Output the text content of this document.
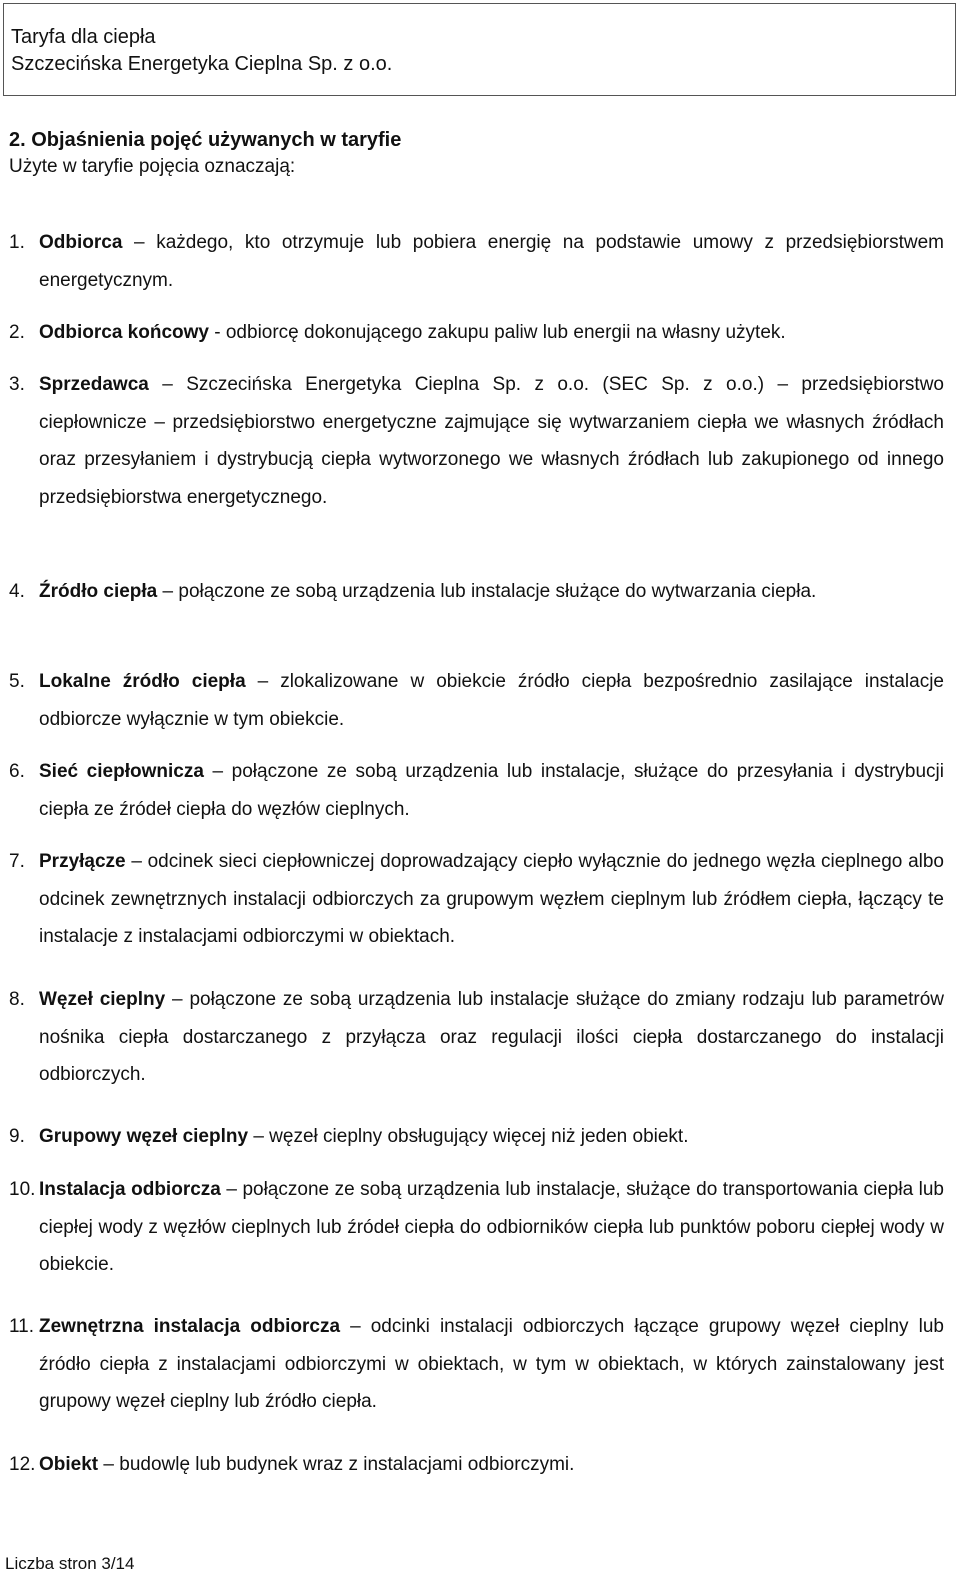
Taryfa dla ciepła
Szczecińska Energetyka Cieplna Sp. z o.o.
2. Objaśnienia pojęć używanych w taryfie
Użyte w taryfie pojęcia oznaczają:
1. Odbiorca – każdego, kto otrzymuje lub pobiera energię na podstawie umowy z przedsiębiorstwem energetycznym.
2. Odbiorca końcowy - odbiorcę dokonującego zakupu paliw lub energii na własny użytek.
3. Sprzedawca – Szczecińska Energetyka Cieplna Sp. z o.o. (SEC Sp. z o.o.) – przedsiębiorstwo ciepłownicze – przedsiębiorstwo energetyczne zajmujące się wytwarzaniem ciepła we własnych źródłach oraz przesyłaniem i dystrybucją ciepła wytworzonego we własnych źródłach lub zakupionego od innego przedsiębiorstwa energetycznego.
4. Źródło ciepła – połączone ze sobą urządzenia lub instalacje służące do wytwarzania ciepła.
5. Lokalne źródło ciepła – zlokalizowane w obiekcie źródło ciepła bezpośrednio zasilające instalacje odbiorcze wyłącznie w tym obiekcie.
6. Sieć ciepłownicza – połączone ze sobą urządzenia lub instalacje, służące do przesyłania i dystrybucji ciepła ze źródeł ciepła do węzłów cieplnych.
7. Przyłącze – odcinek sieci ciepłowniczej doprowadzający ciepło wyłącznie do jednego węzła cieplnego albo odcinek zewnętrznych instalacji odbiorczych za grupowym węzłem cieplnym lub źródłem ciepła, łączący te instalacje z instalacjami odbiorczymi w obiektach.
8. Węzeł cieplny – połączone ze sobą urządzenia lub instalacje służące do zmiany rodzaju lub parametrów nośnika ciepła dostarczanego z przyłącza oraz regulacji ilości ciepła dostarczanego do instalacji odbiorczych.
9. Grupowy węzeł cieplny – węzeł cieplny obsługujący więcej niż jeden obiekt.
10. Instalacja odbiorcza – połączone ze sobą urządzenia lub instalacje, służące do transportowania ciepła lub ciepłej wody z węzłów cieplnych lub źródeł ciepła do odbiorników ciepła lub punktów poboru ciepłej wody w obiekcie.
11. Zewnętrzna instalacja odbiorcza – odcinki instalacji odbiorczych łączące grupowy węzeł cieplny lub źródło ciepła z instalacjami odbiorczymi w obiektach, w tym w obiektach, w których zainstalowany jest grupowy węzeł cieplny lub źródło ciepła.
12. Obiekt – budowlę lub budynek wraz z instalacjami odbiorczymi.
Liczba stron 3/14
